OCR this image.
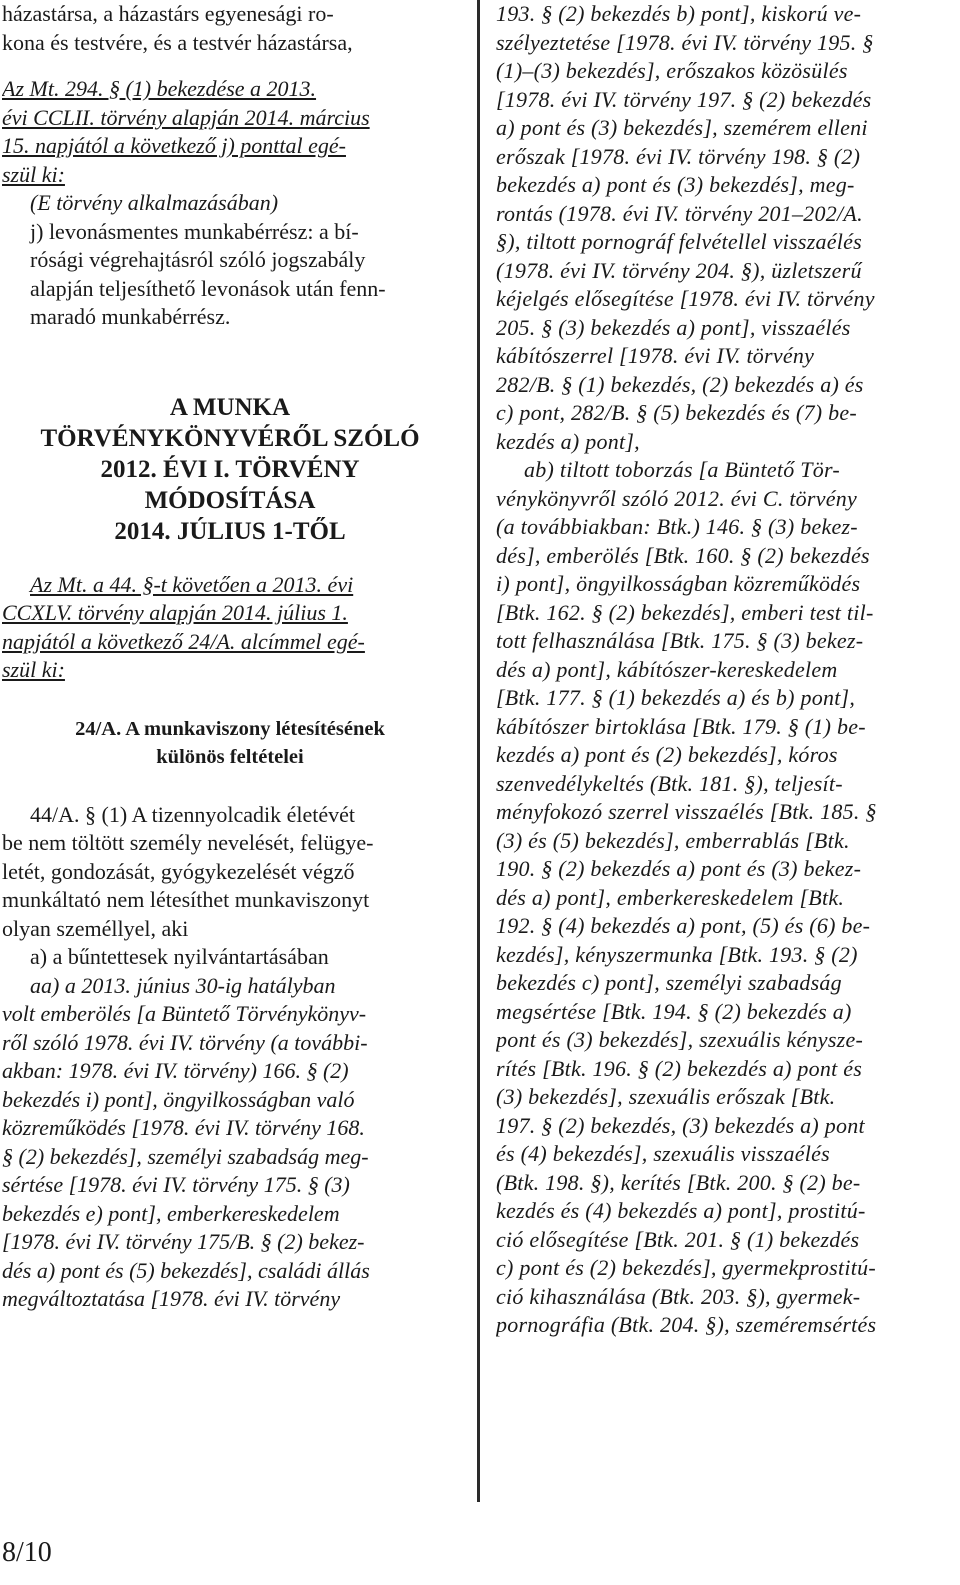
házastársa, a házastárs egyenesági ro-
kona és testvére, és a testvér házastársa,
Az Mt. 294. § (1) bekezdése a 2013.
évi CCLII. törvény alapján 2014. március
15. napjától a következő j) ponttal egé-
szül ki:
(E törvény alkalmazásában)
j) levonásmentes munkabérrész: a bí-
rósági végrehajtásról szóló jogszabály
alapján teljesíthető levonások után fenn-
maradó munkabérrész.
A MUNKA
TÖRVÉNYKÖNYVÉRŐL SZÓLÓ
2012. ÉVI I. TÖRVÉNY
MÓDOSÍTÁSA
2014. JÚLIUS 1-TŐL
Az Mt. a 44. §-t követően a 2013. évi
CCXLV. törvény alapján 2014. július 1.
napjától a következő 24/A. alcímmel egé-
szül ki:
24/A. A munkaviszony létesítésének
különös feltételei
44/A. § (1) A tizennyolcadik életévét
be nem töltött személy nevelését, felügye-
letét, gondozását, gyógykezelését végző
munkáltató nem létesíthet munkaviszonyt
olyan személlyel, aki
a) a bűntettesek nyilvántartásában
aa) a 2013. június 30-ig hatályban
volt emberölés [a Büntető Törvénykönyv-
ről szóló 1978. évi IV. törvény (a további-
akban: 1978. évi IV. törvény) 166. § (2)
bekezdés i) pont], öngyilkosságban való
közreműködés [1978. évi IV. törvény 168.
§ (2) bekezdés], személyi szabadság meg-
sértése [1978. évi IV. törvény 175. § (3)
bekezdés e) pont], emberkereskedelem
[1978. évi IV. törvény 175/B. § (2) bekez-
dés a) pont és (5) bekezdés], családi állás
megváltoztatása [1978. évi IV. törvény
193. § (2) bekezdés b) pont], kiskorú ve-
szélyeztetése [1978. évi IV. törvény 195. §
(1)–(3) bekezdés], erőszakos közösülés
[1978. évi IV. törvény 197. § (2) bekezdés
a) pont és (3) bekezdés], szemérem elleni
erőszak [1978. évi IV. törvény 198. § (2)
bekezdés a) pont és (3) bekezdés], meg-
rontás (1978. évi IV. törvény 201–202/A.
§), tiltott pornográf felvétellel visszaélés
(1978. évi IV. törvény 204. §), üzletszerű
kéjelgés elősegítése [1978. évi IV. törvény
205. § (3) bekezdés a) pont], visszaélés
kábítószerrel [1978. évi IV. törvény
282/B. § (1) bekezdés, (2) bekezdés a) és
c) pont, 282/B. § (5) bekezdés és (7) be-
kezdés a) pont],
ab) tiltott toborzás [a Büntető Tör-
vénykönyvről szóló 2012. évi C. törvény
(a továbbiakban: Btk.) 146. § (3) bekez-
dés], emberölés [Btk. 160. § (2) bekezdés
i) pont], öngyilkosságban közreműködés
[Btk. 162. § (2) bekezdés], emberi test til-
tott felhasználása [Btk. 175. § (3) bekez-
dés a) pont], kábítószer-kereskedelem
[Btk. 177. § (1) bekezdés a) és b) pont],
kábítószer birtoklása [Btk. 179. § (1) be-
kezdés a) pont és (2) bekezdés], kóros
szenvedélykeltés (Btk. 181. §), teljesít-
ményfokozó szerrel visszaélés [Btk. 185. §
(3) és (5) bekezdés], emberrablás [Btk.
190. § (2) bekezdés a) pont és (3) bekez-
dés a) pont], emberkereskedelem [Btk.
192. § (4) bekezdés a) pont, (5) és (6) be-
kezdés], kényszermunka [Btk. 193. § (2)
bekezdés c) pont], személyi szabadság
megsértése [Btk. 194. § (2) bekezdés a)
pont és (3) bekezdés], szexuális kényszе-
rítés [Btk. 196. § (2) bekezdés a) pont és
(3) bekezdés], szexuális erőszak [Btk.
197. § (2) bekezdés, (3) bekezdés a) pont
és (4) bekezdés], szexuális visszaélés
(Btk. 198. §), kerítés [Btk. 200. § (2) be-
kezdés és (4) bekezdés a) pont], prostitú-
ció elősegítése [Btk. 201. § (1) bekezdés
c) pont és (2) bekezdés], gyermekprostitú-
ció kihasználása (Btk. 203. §), gyermek-
pornográfia (Btk. 204. §), szeméremsértés
8/10
